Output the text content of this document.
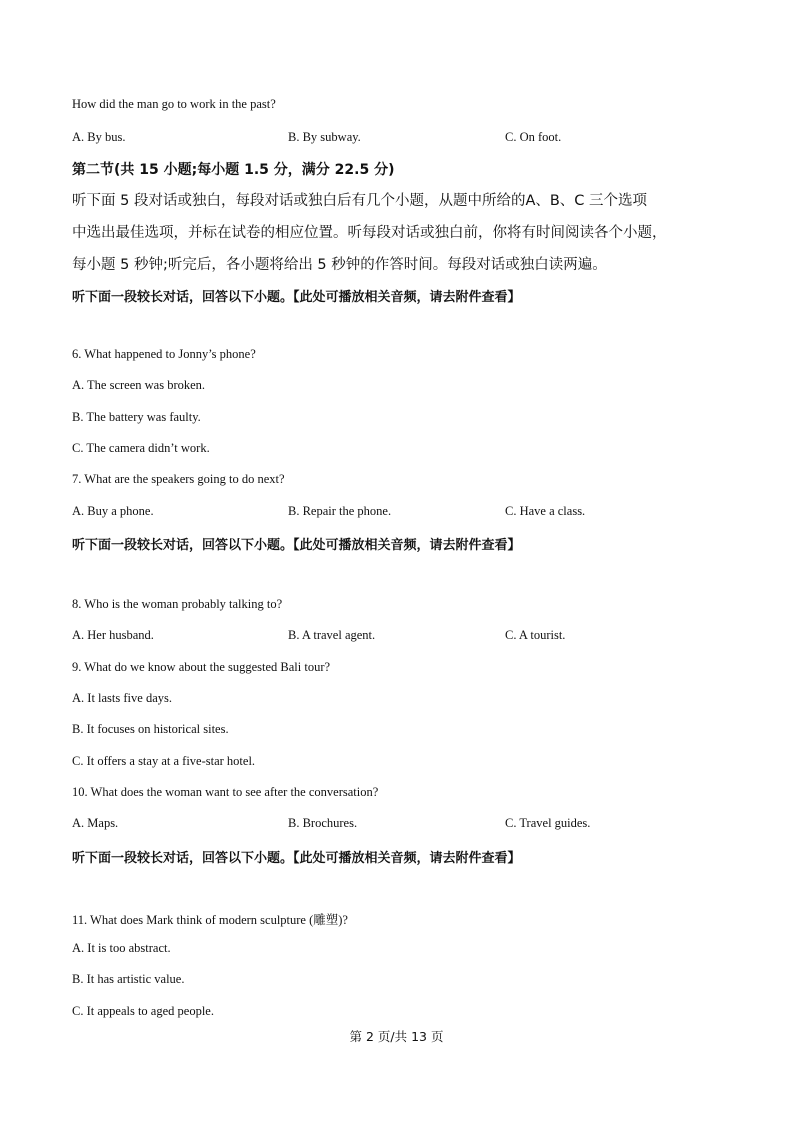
How did the man go to work in the past?
A. By bus.	B. By subway.	C. On foot.
第二节(共 15 小题;每小题 1.5 分，满分 22.5 分)
听下面 5 段对话或独白，每段对话或独白后有几个小题，从题中所给的A、B、C 三个选项
中选出最佳选项，并标在试卷的相应位置。听每段对话或独白前，你将有时间阅读各个小题，
每小题 5 秒钟;听完后，各小题将给出 5 秒钟的作答时间。每段对话或独白读两遍。
听下面一段较长对话，回答以下小题。【此处可播放相关音频，请去附件查看】
6. What happened to Jonny’s phone?
A. The screen was broken.
B. The battery was faulty.
C. The camera didn’t work.
7. What are the speakers going to do next?
A. Buy a phone.	B. Repair the phone.	C. Have a class.
听下面一段较长对话，回答以下小题。【此处可播放相关音频，请去附件查看】
8. Who is the woman probably talking to?
A. Her husband.	B. A travel agent.	C. A tourist.
9. What do we know about the suggested Bali tour?
A. It lasts five days.
B. It focuses on historical sites.
C. It offers a stay at a five-star hotel.
10. What does the woman want to see after the conversation?
A. Maps.	B. Brochures.	C. Travel guides.
听下面一段较长对话，回答以下小题。【此处可播放相关音频，请去附件查看】
11. What does Mark think of modern sculpture (雕塑)?
A. It is too abstract.
B. It has artistic value.
C. It appeals to aged people.
第 2 页/共 13 页
